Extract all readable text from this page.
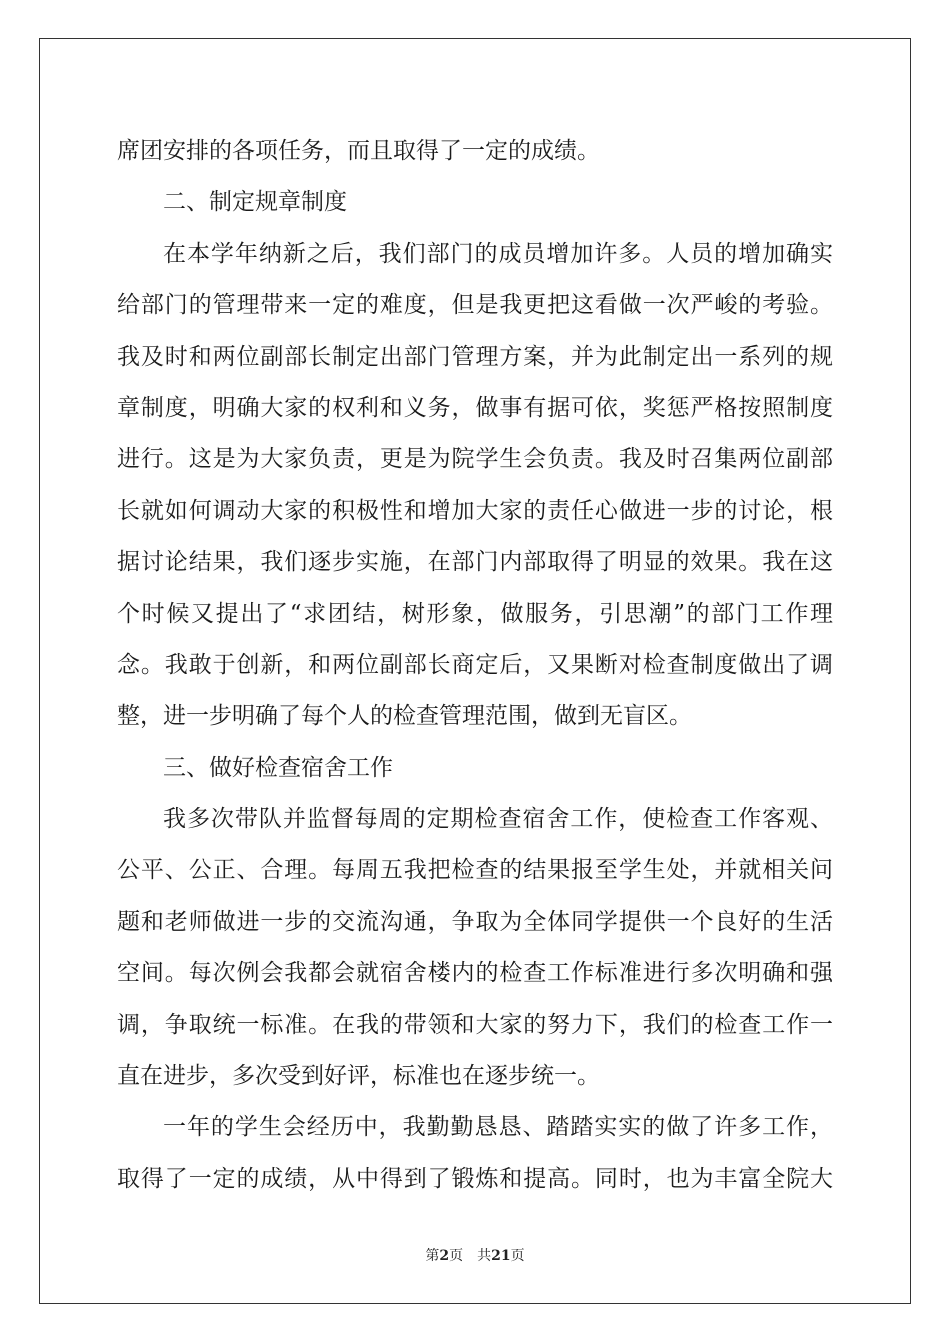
席团安排的各项任务，而且取得了一定的成绩。
二、制定规章制度
在本学年纳新之后，我们部门的成员增加许多。人员的增加确实
给部门的管理带来一定的难度，但是我更把这看做一次严峻的考验。
我及时和两位副部长制定出部门管理方案，并为此制定出一系列的规
章制度，明确大家的权利和义务，做事有据可依，奖惩严格按照制度
进行。这是为大家负责，更是为院学生会负责。我及时召集两位副部
长就如何调动大家的积极性和增加大家的责任心做进一步的讨论，根
据讨论结果，我们逐步实施，在部门内部取得了明显的效果。我在这
个时候又提出了“求团结，树形象，做服务，引思潮”的部门工作理
念。我敢于创新，和两位副部长商定后，又果断对检查制度做出了调
整，进一步明确了每个人的检查管理范围，做到无盲区。
三、做好检查宿舍工作
我多次带队并监督每周的定期检查宿舍工作，使检查工作客观、
公平、公正、合理。每周五我把检查的结果报至学生处，并就相关问
题和老师做进一步的交流沟通，争取为全体同学提供一个良好的生活
空间。每次例会我都会就宿舍楼内的检查工作标准进行多次明确和强
调，争取统一标准。在我的带领和大家的努力下，我们的检查工作一
直在进步，多次受到好评，标准也在逐步统一。
一年的学生会经历中，我勤勤恳恳、踏踏实实的做了许多工作，
取得了一定的成绩，从中得到了锻炼和提高。同时，也为丰富全院大
第2页 共21页
